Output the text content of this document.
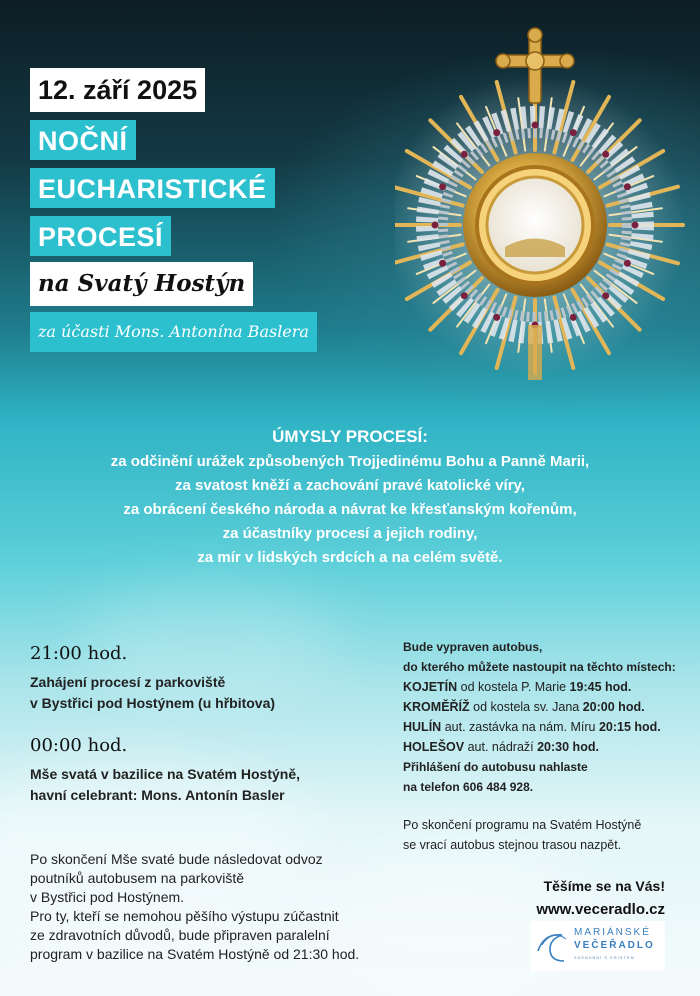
12. září 2025
NOČNÍ
EUCHARISTICKÉ
PROCESÍ
na Svatý Hostýn
za účasti Mons. Antonína Baslera
ÚMYSLY PROCESÍ:
za odčinění urážek způsobených Trojjedinému Bohu a Panně Marii,
za svatost kněží a zachování pravé katolické víry,
za obrácení českého národa a návrat ke křesťanským kořenům,
za účastníky procesí a jejich rodiny,
za mír v lidských srdcích a na celém světě.
21:00 hod.
Zahájení procesí z parkoviště
v Bystřici pod Hostýnem (u hřbitova)
00:00 hod.
Mše svatá v bazilice na Svatém Hostýně,
havní celebrant: Mons. Antonín Basler
Po skončení Mše svaté bude následovat odvoz
poutníků autobusem na parkoviště
v Bystřici pod Hostýnem.
Pro ty, kteří se nemohou pěšího výstupu zúčastnit
ze zdravotních důvodů, bude připraven paralelní
program v bazilice na Svatém Hostýně od 21:30 hod.
Bude vypraven autobus,
do kterého můžete nastoupit na těchto místech:
KOJETÍN od kostela P. Marie 19:45 hod.
KROMĚŘÍŽ od kostela sv. Jana 20:00 hod.
HULÍN aut. zastávka na nám. Míru 20:15 hod.
HOLEŠOV aut. nádraží 20:30 hod.
Přihlášení do autobusu nahlaste
na telefon 606 484 928.
Po skončení programu na Svatém Hostýně
se vrací autobus stejnou trasou nazpět.
Těšíme se na Vás!
www.veceradlo.cz
MARIÁNSKÉ
VEČEŘADLO
ZÁSNUBNÍ S KRISTEM
